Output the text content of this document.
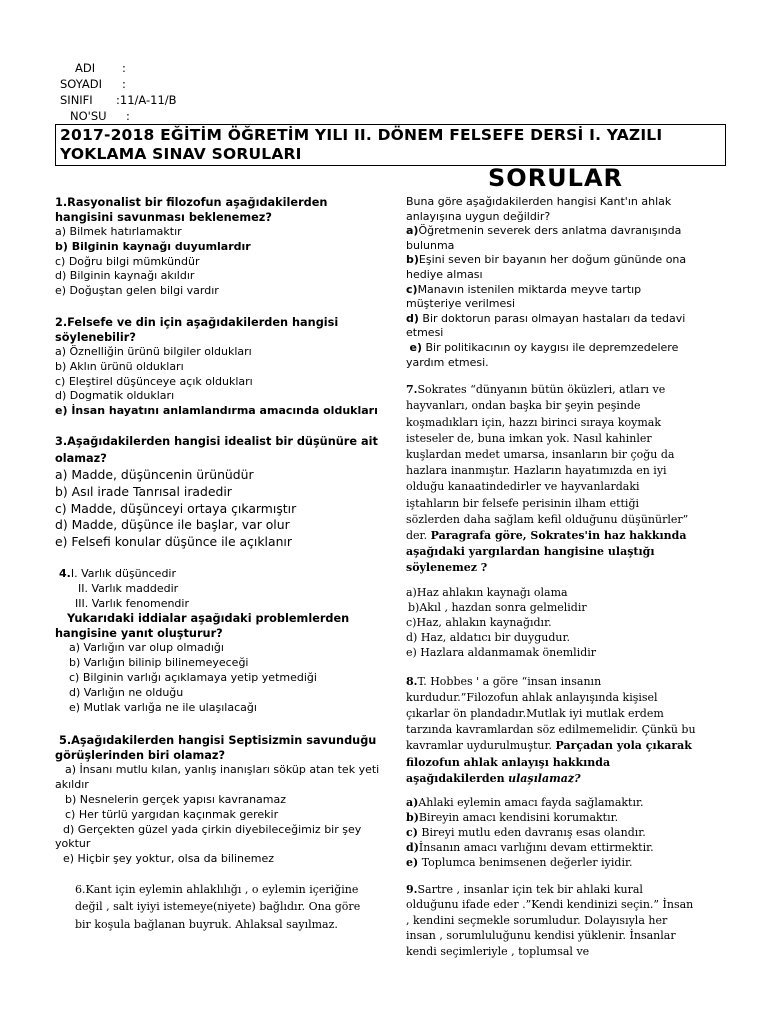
ADI	:
SOYADI	:
SINIFI	: 11/A-11/B
NO'SU	:
2017-2018 EĞİTİM ÖĞRETİM YILI II. DÖNEM FELSEFE DERSİ I. YAZILI YOKLAMA SINAV SORULARI
SORULAR
1.Rasyonalist bir filozofun aşağıdakilerden hangisini savunması beklenemez?
a) Bilmek hatırlamaktır
b) Bilginin kaynağı duyumlardır
c) Doğru bilgi mümkündür
d) Bilginin kaynağı akıldır
e) Doğuştan gelen bilgi vardır
2.Felsefe ve din için aşağıdakilerden hangisi söylenebilir?
a) Öznelliğin ürünü bilgiler oldukları
b) Aklın ürünü oldukları
c) Eleştirel düşünceye açık oldukları
d) Dogmatik oldukları
e) İnsan hayatını anlamlandırma amacında oldukları
3.Aşağıdakilerden hangisi idealist bir düşünüre ait olamaz?
a) Madde, düşüncenin ürünüdür
b) Asıl irade Tanrısal iradedir
c) Madde, düşünceyi ortaya çıkarmıştır
d) Madde, düşünce ile başlar, var olur
e) Felsefi konular düşünce ile açıklanır
4.I. Varlık düşüncedir
II. Varlık maddedir
III. Varlık fenomendir
Yukarıdaki iddialar aşağıdaki problemlerden hangisine yanıt oluşturur?
a) Varlığın var olup olmadığı
b) Varlığın bilinip bilinemeyeceği
c) Bilginin varlığı açıklamaya yetip yetmediği
d) Varlığın ne olduğu
e) Mutlak varlığa ne ile ulaşılacağı
5.Aşağıdakilerden hangisi Septisizmin savunduğu görüşlerinden biri olamaz?
a) İnsanı mutlu kılan, yanlış inanışları söküp atan tek yeti akıldır
b) Nesnelerin gerçek yapısı kavranamaz
c) Her türlü yargıdan kaçınmak gerekir
d) Gerçekten güzel yada çirkin diyebileceğimiz bir şey yoktur
e) Hiçbir şey yoktur, olsa da bilinemez
6.Kant için eylemin ahlaklılığı , o eylemin içeriğine değil , salt iyiyi istemeye(niyete) bağlıdır. Ona göre bir koşula bağlanan buyruk. Ahlaksal sayılmaz.
Buna göre aşağıdakilerden hangisi Kant'ın ahlak anlayışına uygun değildir?
a)Öğretmenin severek ders anlatma davranışında bulunma
b)Eşini seven bir bayanın her doğum gününde ona hediye alması
c)Manavın istenilen miktarda meyve tartıp müşteriye verilmesi
d) Bir doktorun parası olmayan hastaları da tedavi etmesi
e) Bir politikacının oy kaygısı ile depremzedelere yardım etmesi.
7.Sokrates “dünyanın bütün öküzleri, atları ve hayvanları, ondan başka bir şeyin peşinde koşmadıkları için, hazzı birinci sıraya koymak isteseler de, buna imkan yok. Nasıl kahinler kuşlardan medet umarsa, insanların bir çoğu da hazlara inanmıştır. Hazların hayatımızda en iyi olduğu kanaatindedirler ve hayvanlardaki iştahların bir felsefe perisinin ilham ettiği sözlerden daha sağlam kefil olduğunu düşünürler” der. Paragrafa göre, Sokrates'in haz hakkında aşağıdaki yargılardan hangisine ulaştığı söylenemez ?
a)Haz ahlakın kaynağı olama
b)Akıl , hazdan sonra gelmelidir
c)Haz, ahlakın kaynağıdır.
d) Haz, aldatıcı bir duygudur.
e) Hazlara aldanmamak önemlidir
8.T. Hobbes ' a göre “insan insanın kurdudur.”Filozofun ahlak anlayışında kişisel çıkarlar ön plandadır.Mutlak iyi mutlak erdem tarzında kavramlardan söz edilmemelidir. Çünkü bu kavramlar uydurulmuştur. Parçadan yola çıkarak filozofun ahlak anlayışı hakkında aşağıdakilerden ulaşılamaz?
a)Ahlaki eylemin amacı fayda sağlamaktır.
b)Bireyin amacı kendisini korumaktır.
c) Bireyi mutlu eden davranış esas olandır.
d)İnsanın amacı varlığını devam ettirmektir.
e) Toplumca benimsenen değerler iyidir.
9.Sartre , insanlar için tek bir ahlaki kural olduğunu ifade eder .”Kendi kendinizi seçin.” İnsan , kendini seçmekle sorumludur. Dolayısıyla her insan , sorumluluğunu kendisi yüklenir. İnsanlar kendi seçimleriyle , toplumsal ve
